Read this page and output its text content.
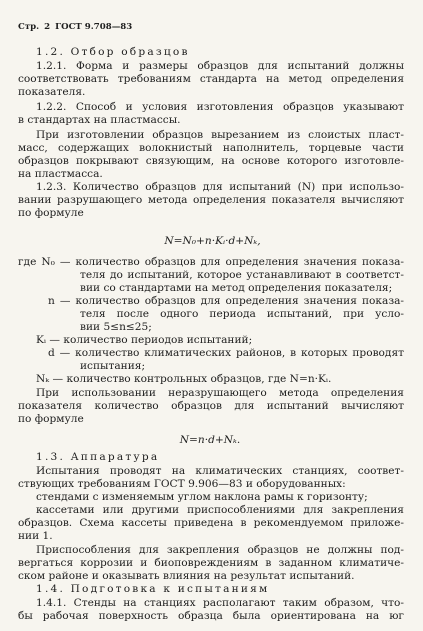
Стр. 2 ГОСТ 9.708—83
1.2. Отбор образцов
1.2.1. Форма и размеры образцов для испытаний должны
соответствовать требованиям стандарта на метод определения
показателя.
1.2.2. Способ и условия изготовления образцов указывают
в стандартах на пластмассы.
При изготовлении образцов вырезанием из слоистых пласт-
масс, содержащих волокнистый наполнитель, торцевые части
образцов покрывают связующим, на основе которого изготовле-
на пластмасса.
1.2.3. Количество образцов для испытаний (N) при использо-
вании разрушающего метода определения показателя вычисляют
по формуле
N=N₀+n·Kᵢ·d+Nₖ,
где N₀ — количество образцов для определения значения показа-
теля до испытаний, которое устанавливают в соответст-
вии со стандартами на метод определения показателя;
n — количество образцов для определения значения показа-
теля после одного периода испытаний, при усло-
вии 5≤n≤25;
Kᵢ — количество периодов испытаний;
d — количество климатических районов, в которых проводят
испытания;
Nₖ — количество контрольных образцов, где N=n·Kᵢ.
При использовании неразрушающего метода определения
показателя количество образцов для испытаний вычисляют
по формуле
N=n·d+Nₖ.
1.3. Аппаратура
Испытания проводят на климатических станциях, соответ-
ствующих требованиям ГОСТ 9.906—83 и оборудованных:
стендами с изменяемым углом наклона рамы к горизонту;
кассетами или другими приспособлениями для закрепления
образцов. Схема кассеты приведена в рекомендуемом приложе-
нии 1.
Приспособления для закрепления образцов не должны под-
вергаться коррозии и биоповреждениям в заданном климатиче-
ском районе и оказывать влияния на результат испытаний.
1.4. Подготовка к испытаниям
1.4.1. Стенды на станциях располагают таким образом, что-
бы рабочая поверхность образца была ориентирована на юг
